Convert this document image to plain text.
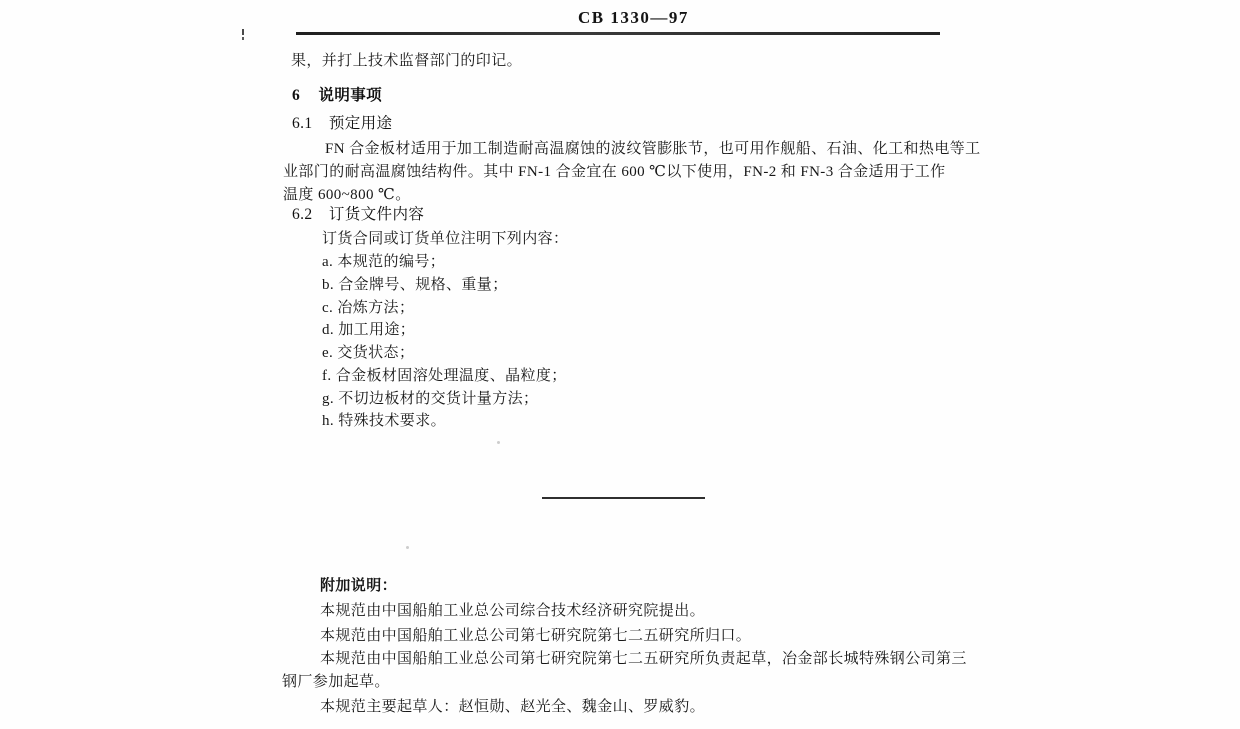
CB 1330—97
果，并打上技术监督部门的印记。
6 说明事项
6.1 预定用途
FN 合金板材适用于加工制造耐高温腐蚀的波纹管膨胀节，也可用作舰船、石油、化工和热电等工
业部门的耐高温腐蚀结构件。其中 FN-1 合金宜在 600 ℃以下使用，FN-2 和 FN-3 合金适用于工作
温度 600~800 ℃。
6.2 订货文件内容
订货合同或订货单位注明下列内容：
a. 本规范的编号；
b. 合金牌号、规格、重量；
c. 冶炼方法；
d. 加工用途；
e. 交货状态；
f. 合金板材固溶处理温度、晶粒度；
g. 不切边板材的交货计量方法；
h. 特殊技术要求。
附加说明：
本规范由中国船舶工业总公司综合技术经济研究院提出。
本规范由中国船舶工业总公司第七研究院第七二五研究所归口。
本规范由中国船舶工业总公司第七研究院第七二五研究所负责起草，冶金部长城特殊钢公司第三
钢厂参加起草。
本规范主要起草人：赵恒勋、赵光全、魏金山、罗威豹。
